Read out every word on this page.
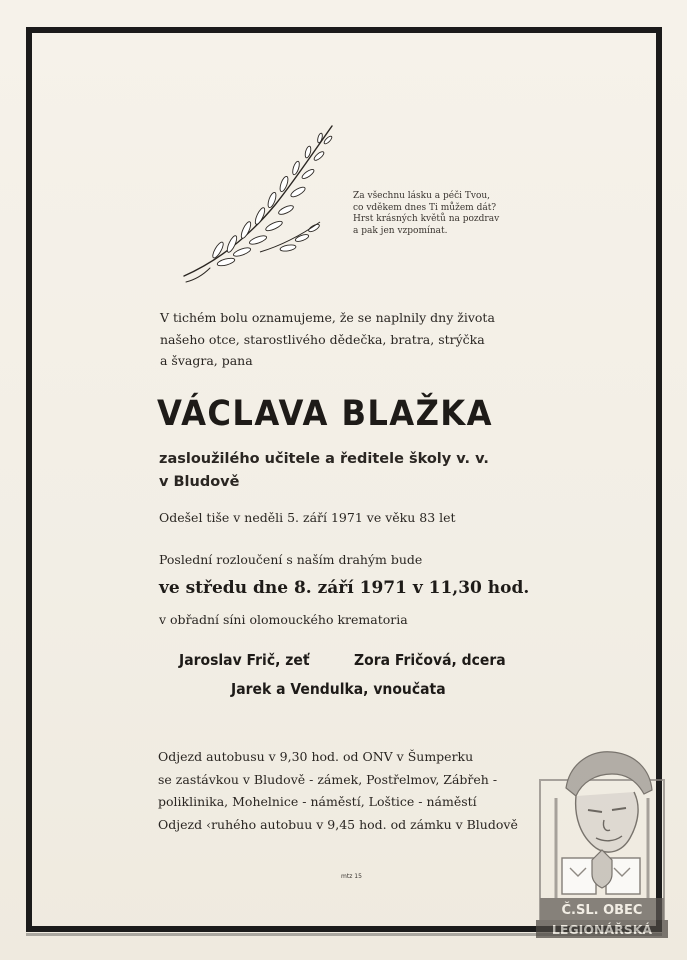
Za všechnu lásku a péči Tvou,
co vděkem dnes Ti můžem dát?
Hrst krásných květů na pozdrav
a pak jen vzpomínat.
V tichém bolu oznamujeme, že se naplnily dny života
našeho otce, starostlivého dědečka, bratra, strýčka
a švagra, pana
VÁCLAVA BLAŽKA
zasloužilého učitele a ředitele školy v. v.
v Bludově
Odešel tiše v neděli 5. září 1971 ve věku 83 let
Poslední rozloučení s naším drahým bude
ve středu dne 8. září 1971 v 11,30 hod.
v obřadní síni olomouckého krematoria
Jaroslav Frič, zeť	Zora Fričová, dcera
Jarek a Vendulka, vnoučata
Odjezd autobusu v 9,30 hod. od ONV v Šumperku
se zastávkou v Bludově - zámek, Postřelmov, Zábřeh -
poliklinika, Mohelnice - náměstí, Loštice - náměstí
Odjezd ‹ruhého autobuu v 9,45 hod. od zámku v Bludově
mtz 15
Č.SL. OBEC
LEGIONÁŘSKÁ
